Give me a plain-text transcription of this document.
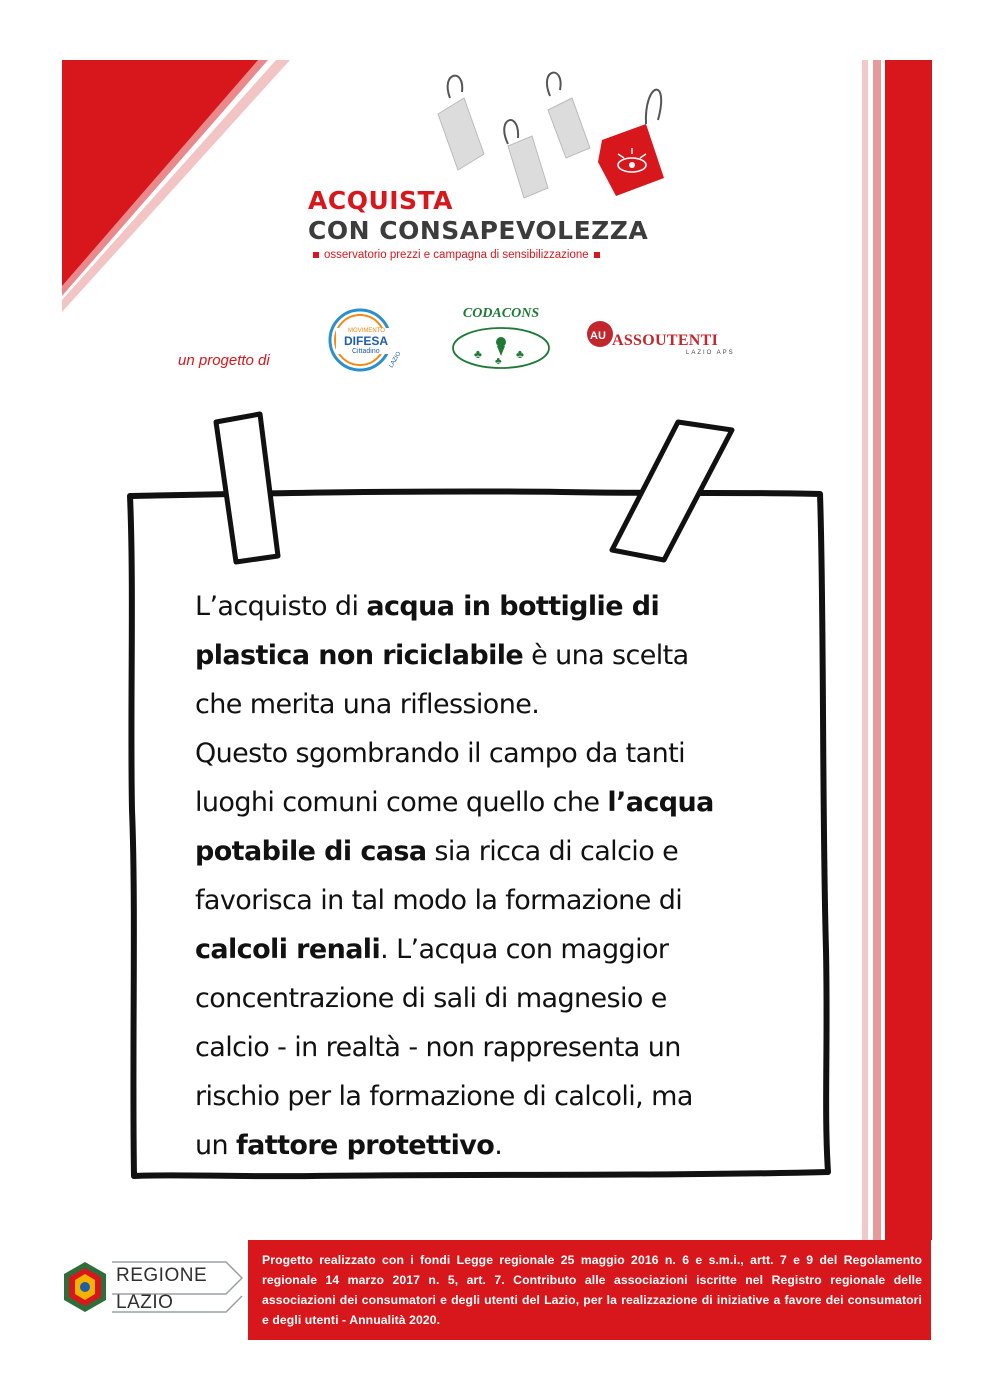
ACQUISTA
CON CONSAPEVOLEZZA
osservatorio prezzi e campagna di sensibilizzazione
un progetto di
MOVIMENTO
DIFESA
Cittadino LAZIO	♣	♣
♣
CODACONS
AU ASSOUTENTI
LAZIO APS
L’acquisto di acqua in bottiglie di
plastica non riciclabile è una scelta
che merita una riflessione.
Questo sgombrando il campo da tanti
luoghi comuni come quello che l’acqua
potabile di casa sia ricca di calcio e
favorisca in tal modo la formazione di
calcoli renali. L’acqua con maggior
concentrazione di sali di magnesio e
calcio - in realtà - non rappresenta un
rischio per la formazione di calcoli, ma
un fattore protettivo.
REGIONE
LAZIO
Progetto realizzato con i fondi Legge regionale 25 maggio 2016 n. 6 e s.m.i., artt. 7 e 9 del Regolamento regionale 14 marzo 2017 n. 5, art. 7. Contributo alle associazioni iscritte nel Registro regionale delle associazioni dei consumatori e degli utenti del Lazio, per la realizzazione di iniziative a favore dei consumatori e degli utenti - Annualità 2020.
